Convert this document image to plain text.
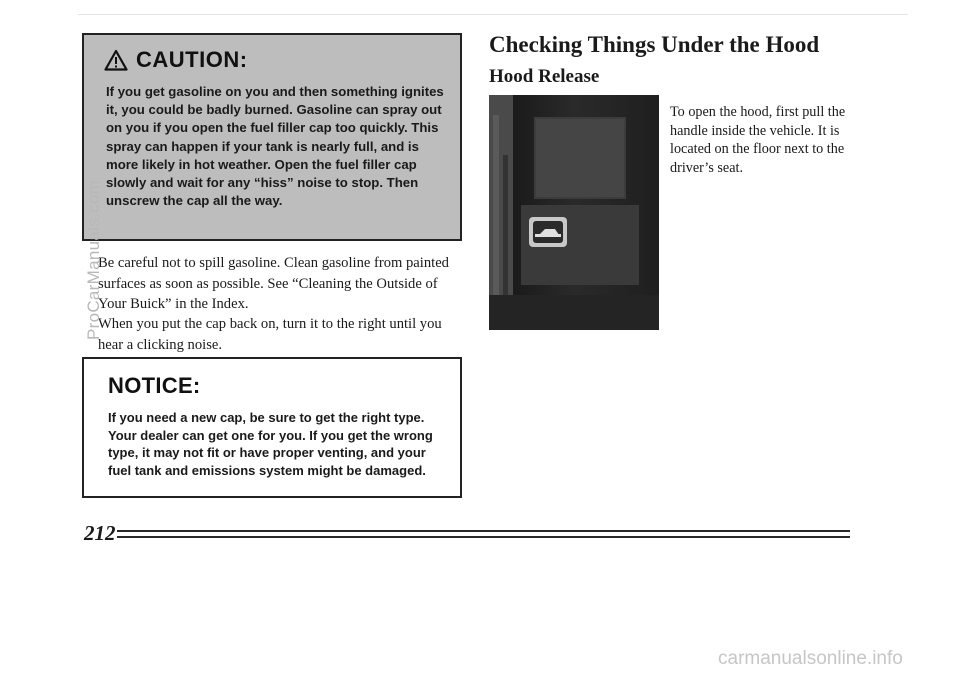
CAUTION:
If you get gasoline on you and then something ignites it, you could be badly burned. Gasoline can spray out on you if you open the fuel filler cap too quickly. This spray can happen if your tank is nearly full, and is more likely in hot weather. Open the fuel filler cap slowly and wait for any “hiss” noise to stop. Then unscrew the cap all the way.
Be careful not to spill gasoline. Clean gasoline from painted surfaces as soon as possible. See “Cleaning the Outside of Your Buick” in the Index.
When you put the cap back on, turn it to the right until you hear a clicking noise.
NOTICE:
If you need a new cap, be sure to get the right type. Your dealer can get one for you. If you get the wrong type, it may not fit or have proper venting, and your fuel tank and emissions system might be damaged.
Checking Things Under the Hood
Hood Release
To open the hood, first pull the handle inside the vehicle. It is located on the floor next to the driver’s seat.
212
ProCarManuals.com
carmanualsonline.info
